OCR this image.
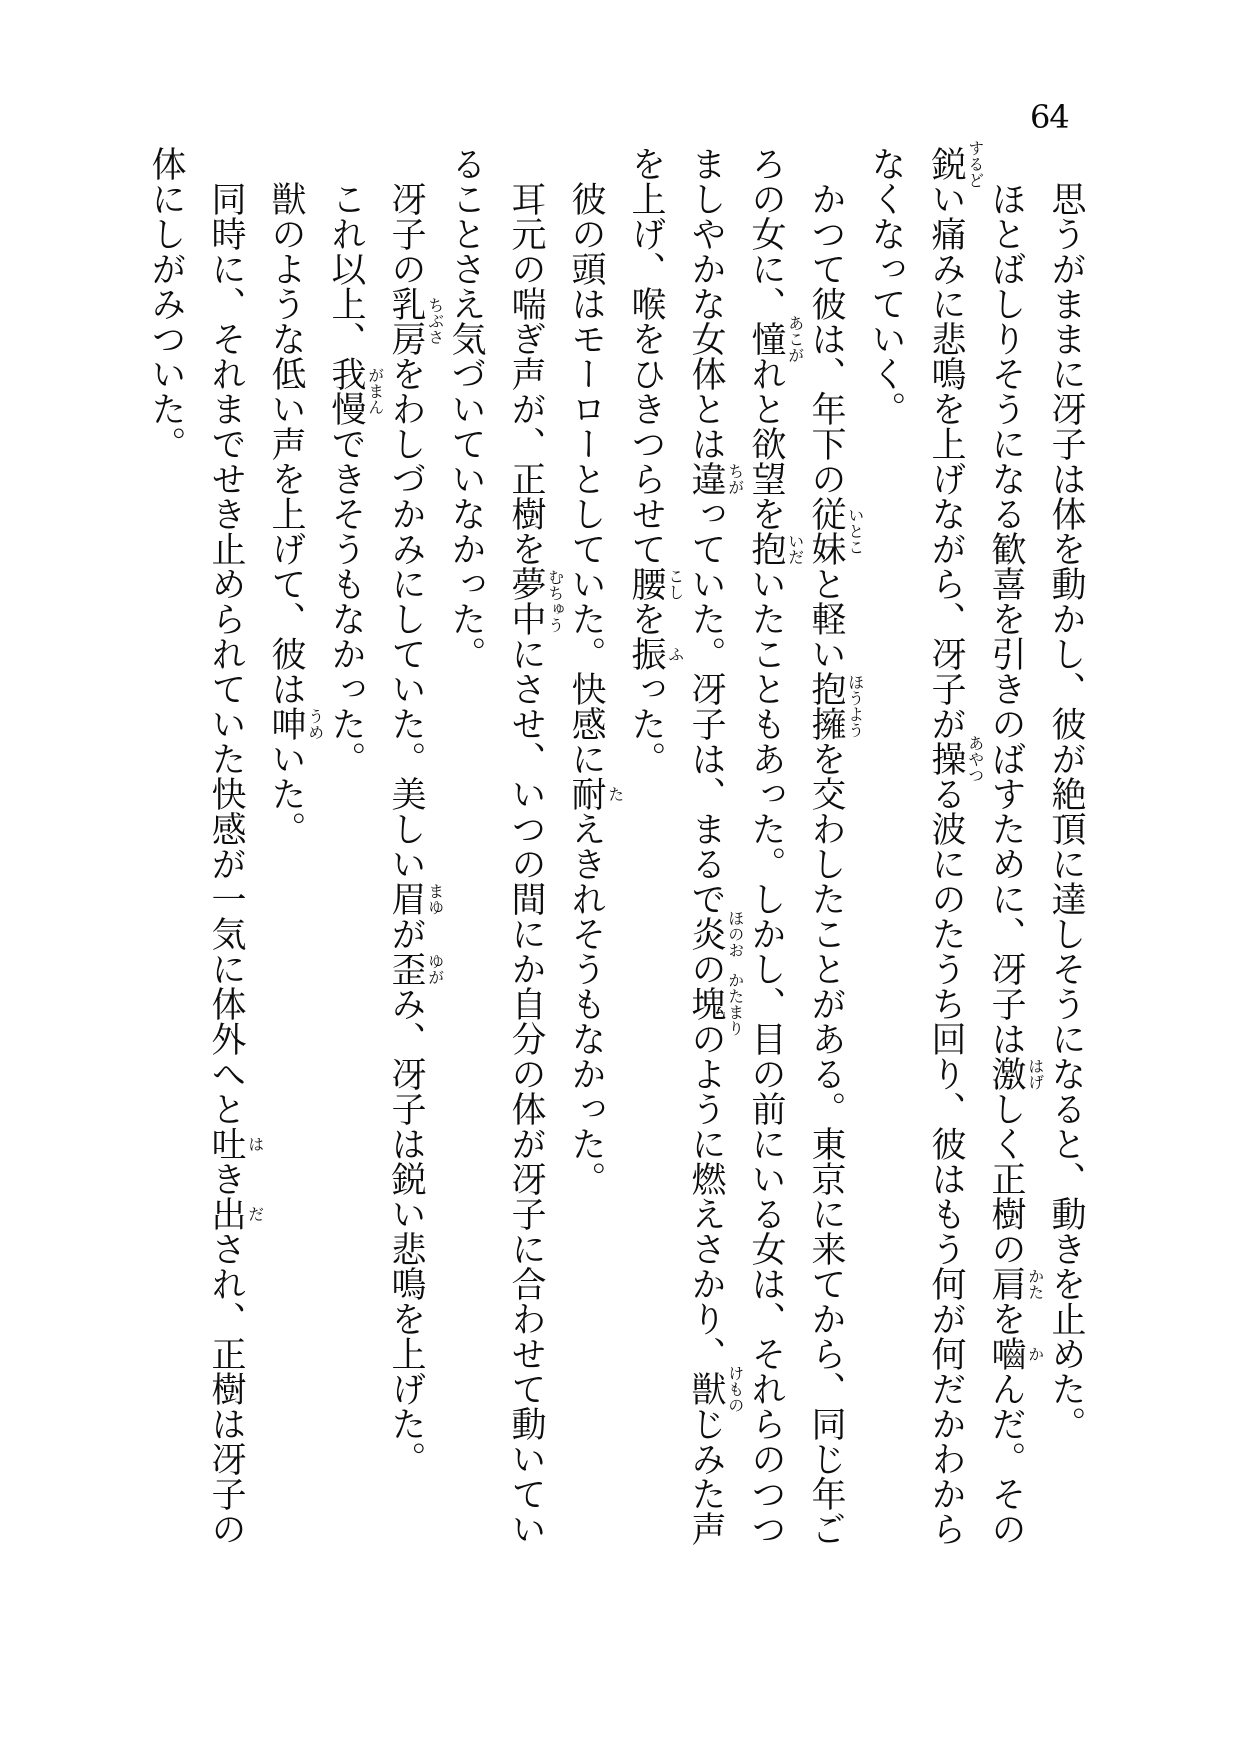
64

思うがままに冴子は体を動かし、彼が絶頂に達しそうになると、動きを止めた。

ほとばしりそうになる歓喜を引きのばすために、冴子は激 はげ
しく正樹の肩 かた
を嚙 か
んだ。その鋭 するど
い痛みに悲鳴を上げながら、冴子が操 あやつ
る波にのたうち回り、彼はもう何が何だかわからなくなっていく。

かつて彼は、年下の従妹 いとこ
と軽い抱擁 ほうよう
を交わしたことがある。東京に来てから、同じ年ごろの女に、憧 あこが
れと欲望を抱 いだ
いたこともあった。しかし、目の前にいる女は、それらのつつましやかな女体とは違 ちが
っていた。冴子は、まるで炎 ほのお
の塊 かたまり
のように燃えさかり、獣 けもの
じみた声を上げ、喉をひきつらせて腰 こし
を振 ふ
った。

彼の頭はモーローとしていた。快感に耐 た
えきれそうもなかった。

耳元の喘ぎ声が、正樹を夢中 むちゅう
にさせ、いつの間にか自分の体が冴子に合わせて動いていることさえ気づいていなかった。

冴子の乳房 ちぶさ
をわしづかみにしていた。美しい眉 まゆ
が歪 ゆが
み、冴子は鋭い悲鳴を上げた。

これ以上、我慢 がまん
できそうもなかった。

獣のような低い声を上げて、彼は呻 うめ
いた。

同時に、それまでせき止められていた快感が一気に体外へと吐 は
き出 だ
され、正樹は冴子の体にしがみついた。
